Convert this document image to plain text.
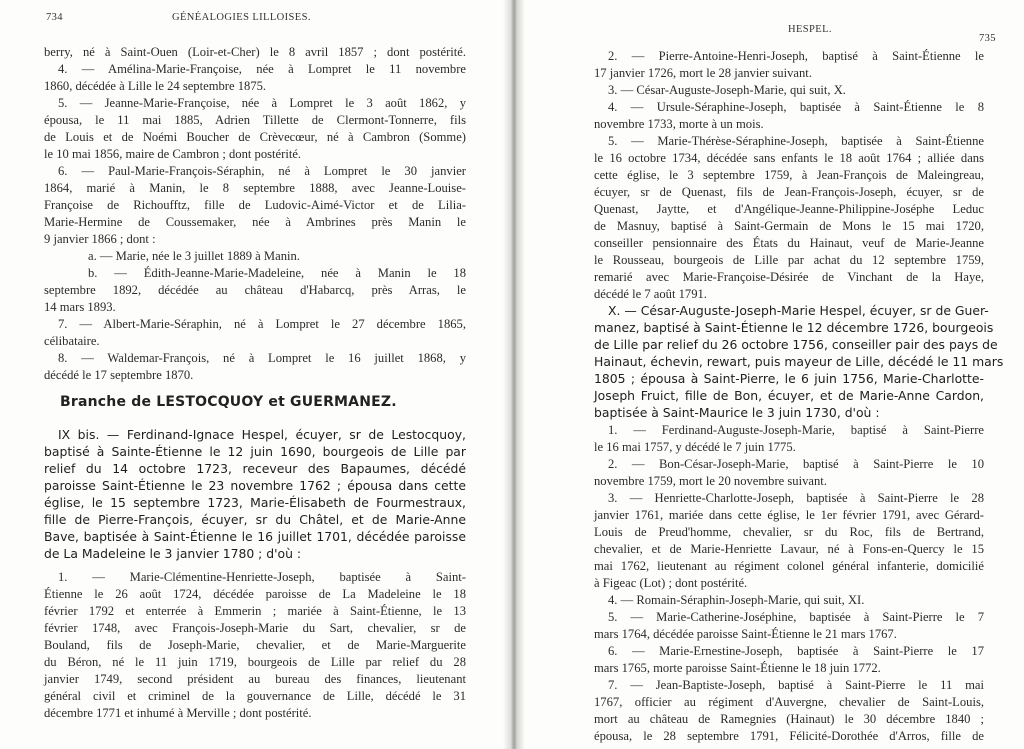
734	GÉNÉALOGIES LILLOISES.
berry, né à Saint-Ouen (Loir-et-Cher) le 8 avril 1857 ; dont postérité.
4. — Amélina-Marie-Françoise, née à Lompret le 11 novembre
1860, décédée à Lille le 24 septembre 1875.
5. — Jeanne-Marie-Françoise, née à Lompret le 3 août 1862, y
épousa, le 11 mai 1885, Adrien Tillette de Clermont-Tonnerre, fils
de Louis et de Noémi Boucher de Crèvecœur, né à Cambron (Somme)
le 10 mai 1856, maire de Cambron ; dont postérité.
6. — Paul-Marie-François-Séraphin, né à Lompret le 30 janvier
1864, marié à Manin, le 8 septembre 1888, avec Jeanne-Louise-
Françoise de Richoufftz, fille de Ludovic-Aimé-Victor et de Lilia-
Marie-Hermine de Coussemaker, née à Ambrines près Manin le
9 janvier 1866 ; dont :
a. — Marie, née le 3 juillet 1889 à Manin.
b. — Édith-Jeanne-Marie-Madeleine, née à Manin le 18
septembre 1892, décédée au château d'Habarcq, près Arras, le
14 mars 1893.
7. — Albert-Marie-Séraphin, né à Lompret le 27 décembre 1865,
célibataire.
8. — Waldemar-François, né à Lompret le 16 juillet 1868, y
décédé le 17 septembre 1870.
Branche de LESTOCQUOY et GUERMANEZ.
IX bis. — Ferdinand-Ignace Hespel, écuyer, sr de Lestocquoy,
baptisé à Sainte-Étienne le 12 juin 1690, bourgeois de Lille par
relief du 14 octobre 1723, receveur des Bapaumes, décédé
paroisse Saint-Étienne le 23 novembre 1762 ; épousa dans cette
église, le 15 septembre 1723, Marie-Élisabeth de Fourmestraux,
fille de Pierre-François, écuyer, sr du Châtel, et de Marie-Anne
Bave, baptisée à Saint-Étienne le 16 juillet 1701, décédée paroisse
de La Madeleine le 3 janvier 1780 ; d'où :
1. — Marie-Clémentine-Henriette-Joseph, baptisée à Saint-
Étienne le 26 août 1724, décédée paroisse de La Madeleine le 18
février 1792 et enterrée à Emmerin ; mariée à Saint-Étienne, le 13
février 1748, avec François-Joseph-Marie du Sart, chevalier, sr de
Bouland, fils de Joseph-Marie, chevalier, et de Marie-Marguerite
du Béron, né le 11 juin 1719, bourgeois de Lille par relief du 28
janvier 1749, second président au bureau des finances, lieutenant
général civil et criminel de la gouvernance de Lille, décédé le 31
décembre 1771 et inhumé à Merville ; dont postérité.
HESPEL.
735
2. — Pierre-Antoine-Henri-Joseph, baptisé à Saint-Étienne le
17 janvier 1726, mort le 28 janvier suivant.
3. — César-Auguste-Joseph-Marie, qui suit, X.
4. — Ursule-Séraphine-Joseph, baptisée à Saint-Étienne le 8
novembre 1733, morte à un mois.
5. — Marie-Thérèse-Séraphine-Joseph, baptisée à Saint-Étienne
le 16 octobre 1734, décédée sans enfants le 18 août 1764 ; alliée dans
cette église, le 3 septembre 1759, à Jean-François de Maleingreau,
écuyer, sr de Quenast, fils de Jean-François-Joseph, écuyer, sr de
Quenast, Jaytte, et d'Angélique-Jeanne-Philippine-Joséphe Leduc
de Masnuy, baptisé à Saint-Germain de Mons le 15 mai 1720,
conseiller pensionnaire des États du Hainaut, veuf de Marie-Jeanne
le Rousseau, bourgeois de Lille par achat du 12 septembre 1759,
remarié avec Marie-Françoise-Désirée de Vinchant de la Haye,
décédé le 7 août 1791.
X. — César-Auguste-Joseph-Marie Hespel, écuyer, sr de Guer-
manez, baptisé à Saint-Étienne le 12 décembre 1726, bourgeois
de Lille par relief du 26 octobre 1756, conseiller pair des pays de
Hainaut, échevin, rewart, puis mayeur de Lille, décédé le 11 mars
1805 ; épousa à Saint-Pierre, le 6 juin 1756, Marie-Charlotte-
Joseph Fruict, fille de Bon, écuyer, et de Marie-Anne Cardon,
baptisée à Saint-Maurice le 3 juin 1730, d'où :
1. — Ferdinand-Auguste-Joseph-Marie, baptisé à Saint-Pierre
le 16 mai 1757, y décédé le 7 juin 1775.
2. — Bon-César-Joseph-Marie, baptisé à Saint-Pierre le 10
novembre 1759, mort le 20 novembre suivant.
3. — Henriette-Charlotte-Joseph, baptisée à Saint-Pierre le 28
janvier 1761, mariée dans cette église, le 1er février 1791, avec Gérard-
Louis de Preud'homme, chevalier, sr du Roc, fils de Bertrand,
chevalier, et de Marie-Henriette Lavaur, né à Fons-en-Quercy le 15
mai 1762, lieutenant au régiment colonel général infanterie, domicilié
à Figeac (Lot) ; dont postérité.
4. — Romain-Séraphin-Joseph-Marie, qui suit, XI.
5. — Marie-Catherine-Joséphine, baptisée à Saint-Pierre le 7
mars 1764, décédée paroisse Saint-Étienne le 21 mars 1767.
6. — Marie-Ernestine-Joseph, baptisée à Saint-Pierre le 17
mars 1765, morte paroisse Saint-Étienne le 18 juin 1772.
7. — Jean-Baptiste-Joseph, baptisé à Saint-Pierre le 11 mai
1767, officier au régiment d'Auvergne, chevalier de Saint-Louis,
mort au château de Ramegnies (Hainaut) le 30 décembre 1840 ;
épousa, le 28 septembre 1791, Félicité-Dorothée d'Arros, fille de
